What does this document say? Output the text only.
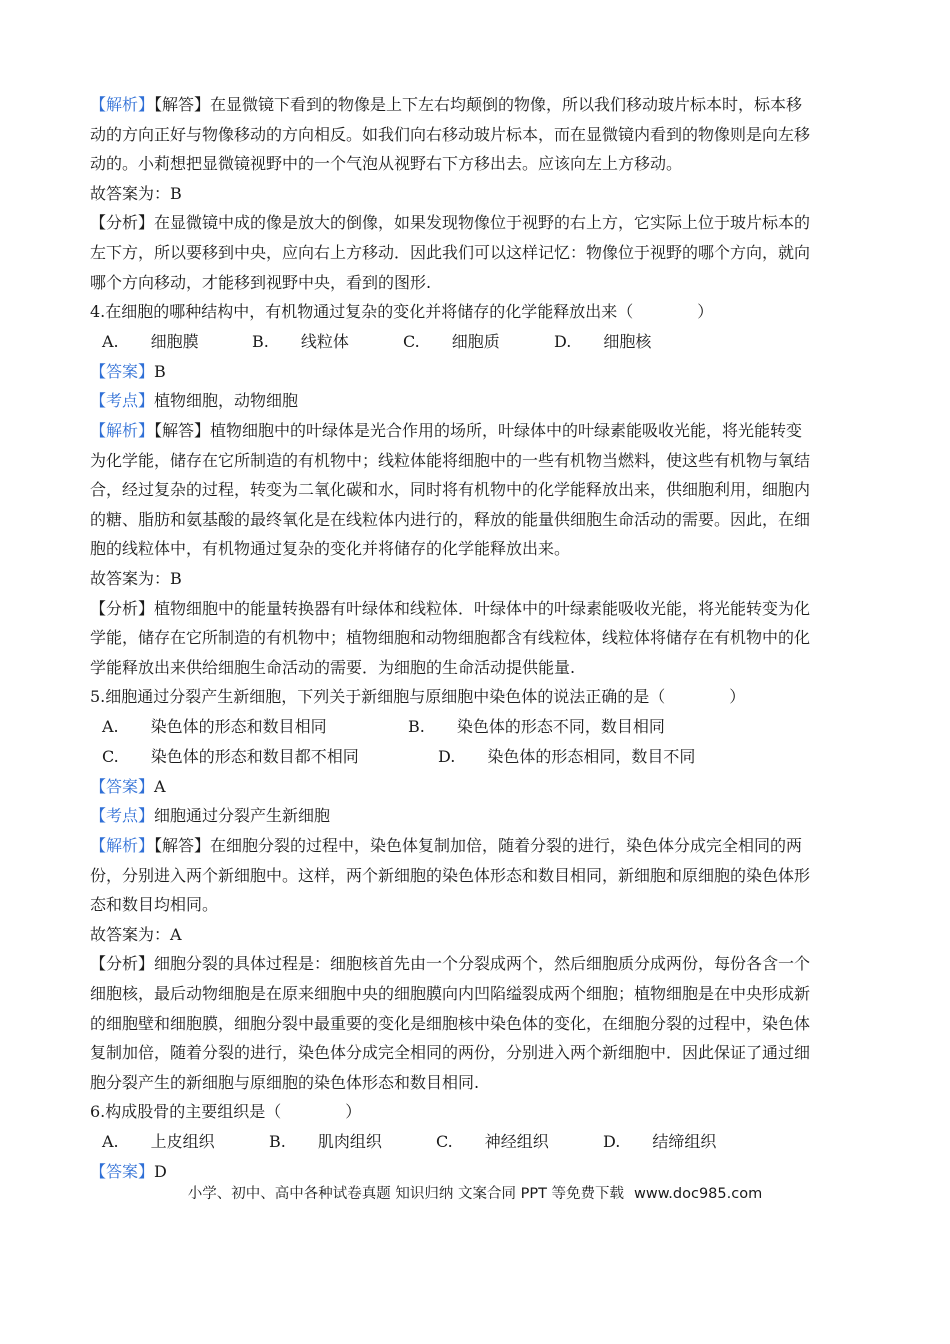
【解析】【解答】在显微镜下看到的物像是上下左右均颠倒的物像，所以我们移动玻片标本时，标本移
动的方向正好与物像移动的方向相反。如我们向右移动玻片标本，而在显微镜内看到的物像则是向左移
动的。小莉想把显微镜视野中的一个气泡从视野右下方移出去。应该向左上方移动。
故答案为：B
【分析】在显微镜中成的像是放大的倒像，如果发现物像位于视野的右上方，它实际上位于玻片标本的
左下方，所以要移到中央，应向右上方移动．因此我们可以这样记忆：物像位于视野的哪个方向，就向
哪个方向移动，才能移到视野中央，看到的图形.
4.在细胞的哪种结构中，有机物通过复杂的变化并将储存的化学能释放出来（　　　　）
A.　　细胞膜	B.　　线粒体	C.　　细胞质	D.　　细胞核
【答案】B
【考点】植物细胞，动物细胞
【解析】【解答】植物细胞中的叶绿体是光合作用的场所，叶绿体中的叶绿素能吸收光能，将光能转变
为化学能，储存在它所制造的有机物中；线粒体能将细胞中的一些有机物当燃料，使这些有机物与氧结
合，经过复杂的过程，转变为二氧化碳和水，同时将有机物中的化学能释放出来，供细胞利用，细胞内
的糖、脂肪和氨基酸的最终氧化是在线粒体内进行的，释放的能量供细胞生命活动的需要。因此，在细
胞的线粒体中，有机物通过复杂的变化并将储存的化学能释放出来。
故答案为：B
【分析】植物细胞中的能量转换器有叶绿体和线粒体．叶绿体中的叶绿素能吸收光能，将光能转变为化
学能，储存在它所制造的有机物中；植物细胞和动物细胞都含有线粒体，线粒体将储存在有机物中的化
学能释放出来供给细胞生命活动的需要．为细胞的生命活动提供能量.
5.细胞通过分裂产生新细胞，下列关于新细胞与原细胞中染色体的说法正确的是（　　　　）
A.　　染色体的形态和数目相同	B.　　染色体的形态不同，数目相同
C.　　染色体的形态和数目都不相同	D.　　染色体的形态相同，数目不同
【答案】A
【考点】细胞通过分裂产生新细胞
【解析】【解答】在细胞分裂的过程中，染色体复制加倍，随着分裂的进行，染色体分成完全相同的两
份，分别进入两个新细胞中。这样，两个新细胞的染色体形态和数目相同，新细胞和原细胞的染色体形
态和数目均相同。
故答案为：A
【分析】细胞分裂的具体过程是：细胞核首先由一个分裂成两个，然后细胞质分成两份，每份各含一个
细胞核，最后动物细胞是在原来细胞中央的细胞膜向内凹陷缢裂成两个细胞；植物细胞是在中央形成新
的细胞壁和细胞膜，细胞分裂中最重要的变化是细胞核中染色体的变化，在细胞分裂的过程中，染色体
复制加倍，随着分裂的进行，染色体分成完全相同的两份，分别进入两个新细胞中．因此保证了通过细
胞分裂产生的新细胞与原细胞的染色体形态和数目相同.
6.构成股骨的主要组织是（　　　　）
A.　　上皮组织	B.　　肌肉组织	C.　　神经组织	D.　　结缔组织
【答案】D
小学、初中、高中各种试卷真题 知识归纳 文案合同 PPT 等免费下载 www.doc985.com
